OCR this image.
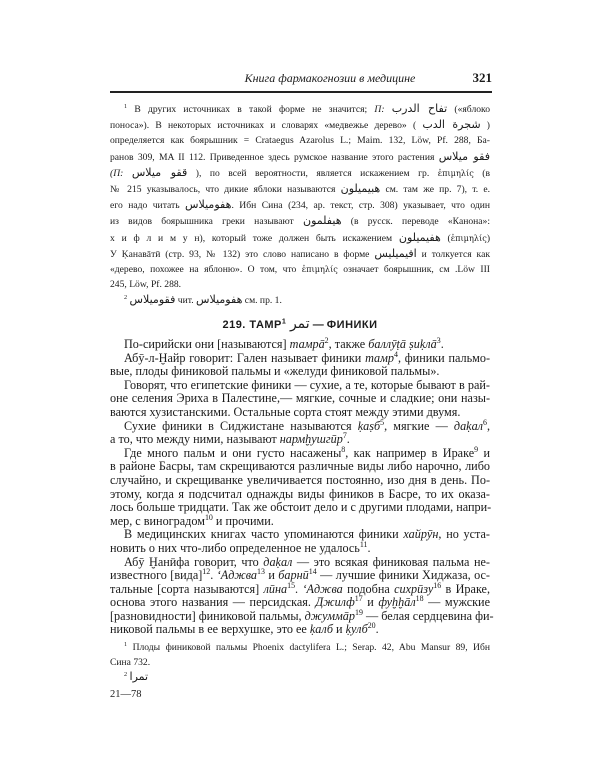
Книга фармакогнозии в медицине	321
$^1$ В других источниках в такой форме не значится; П: تفاح الدرب («яблоко
поноса»). В некоторых источниках и словарях «медвежье дерево» ( شجرة الدب )
определяется как боярышник = Crataegus Azarolus L.; Maim. 132, Löw, Pf. 288, Ба-
ранов 309, MA II 112. Приведенное здесь румское название этого растения فقو ميلاس
(П: ققو ميلاس ), по всей вероятности, является искажением гр. ἐπιμηλίς (в
№ 215 указывалось, что дикие яблоки называются هبيميلون см. там же пр. 7), т. е.
его надо читать هفوميلاس. Ибн Сина (234, ар. текст, стр. 308) указывает, что один
из видов боярышника греки называют هيفلمون (в русск. переводе «Канона»:
х и ф л и м у н), который тоже должен быть искажением هفيميلون (ἐπιμηλίς)
У Ḳанавāтӣ (стр. 93, № 132) это слово написано в форме افيميليس и толкуется как
«дерево, похожее на яблоню». О том, что ἐπιμηλίς означает боярышник, см .Löw III
245, Löw, Pf. 288.
$^2$ فقوميلاس чит. هفوميلاس см. пр. 1.
219. ТАМР$^1$ تمر — ФИНИКИ
По-сирийски они [называются] тамрā$^2$, также баллӯṭā ṣиḳлā$^3$.
Абӯ-л-Ḫайр говорит: Гален называет финики тамр$^4$, финики пальмо-
вые, плоды финиковой пальмы и «желуди финиковой пальмы».
Говорят, что египетские финики — сухие, а те, которые бывают в рай-
оне селения Эриха в Палестине,— мягкие, сочные и сладкие; они назы-
ваются хузистанскими. Остальные сорта стоят между этими двумя.
Сухие финики в Сиджистане называются ḳаṣб$^5$, мягкие — даḳал$^6$,
а то, что между ними, называют нармḫушгӣр$^7$.
Где много пальм и они густо насажены$^8$, как например в Ираке$^9$ и
в районе Басры, там скрещиваются различные виды либо нарочно, либо
случайно, и скрещиванке увеличивается постоянно, изо дня в день. По-
этому, когда я подсчитал однажды виды фиников в Басре, то их оказа-
лось больше тридцати. Так же обстоит дело и с другими плодами, напри-
мер, с виноградом$^{10}$ и прочими.
В медицинских книгах часто упоминаются финики хайрӯн, но уста-
новить о них что-либо определенное не удалось$^{11}$.
Абӯ Ḫанӣфа говорит, что даḳал — это всякая финиковая пальма не-
известного [вида]$^{12}$. ʻАджва$^{13}$ и барнӣ$^{14}$ — лучшие финики Хиджаза, ос-
тальные [сорта называются] лӣна$^{15}$. ʻАджва подобна сихрӣзу$^{16}$ в Ираке,
основа этого названия — персидская. Джилф$^{17}$ и фуḫḫāл$^{18}$ — мужские
[разновидности] финиковой пальмы, джуммāр$^{19}$ — белая сердцевина фи-
никовой пальмы в ее верхушке, это ее ḳалб и ḳулб$^{20}$.
$^1$ Плоды финиковой пальмы Phoenix dactylifera L.; Serap. 42, Abu Mansur 89, Ибн
Сина 732.
$^2$ تمرا
21—78
